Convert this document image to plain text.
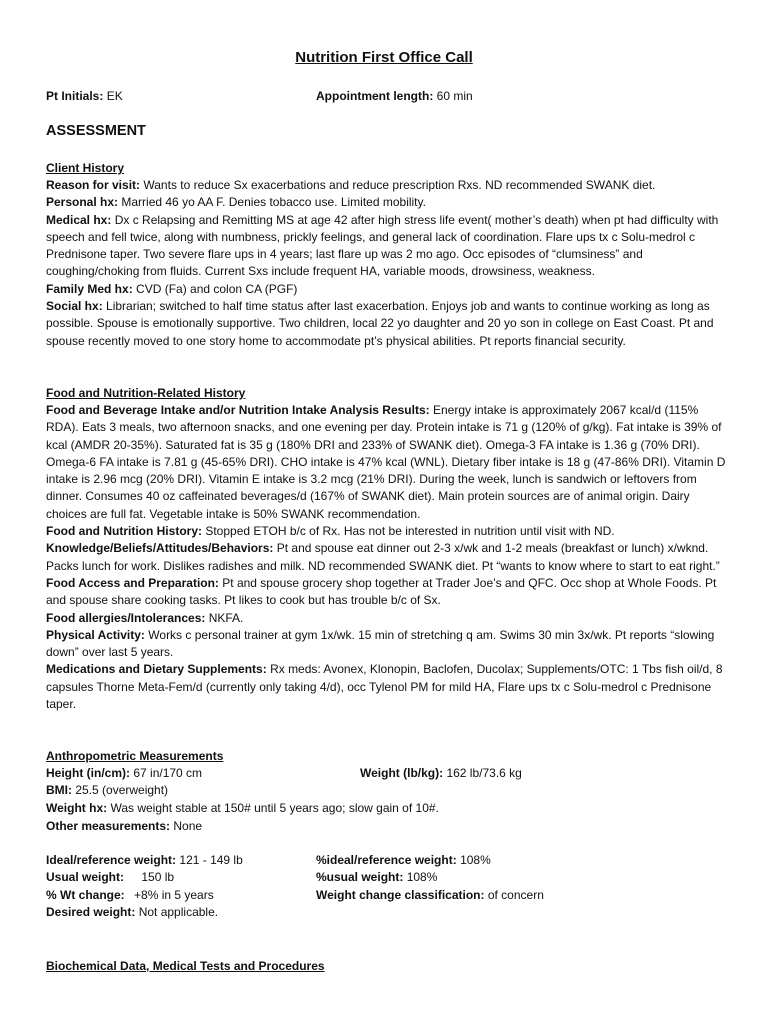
Nutrition First Office Call
Pt Initials: EK	Appointment length: 60 min
ASSESSMENT
Client History
Reason for visit: Wants to reduce Sx exacerbations and reduce prescription Rxs. ND recommended SWANK diet.
Personal hx: Married 46 yo AA F. Denies tobacco use. Limited mobility.
Medical hx: Dx c Relapsing and Remitting MS at age 42 after high stress life event( mother’s death) when pt had difficulty with speech and fell twice, along with numbness, prickly feelings, and general lack of coordination. Flare ups tx c Solu-medrol c Prednisone taper. Two severe flare ups in 4 years; last flare up was 2 mo ago. Occ episodes of “clumsiness” and coughing/choking from fluids. Current Sxs include frequent HA, variable moods, drowsiness, weakness.
Family Med hx: CVD (Fa) and colon CA (PGF)
Social hx: Librarian; switched to half time status after last exacerbation. Enjoys job and wants to continue working as long as possible. Spouse is emotionally supportive. Two children, local 22 yo daughter and 20 yo son in college on East Coast. Pt and spouse recently moved to one story home to accommodate pt’s physical abilities. Pt reports financial security.
Food and Nutrition-Related History
Food and Beverage Intake and/or Nutrition Intake Analysis Results: Energy intake is approximately 2067 kcal/d (115% RDA). Eats 3 meals, two afternoon snacks, and one evening per day. Protein intake is 71 g (120% of g/kg). Fat intake is 39% of kcal (AMDR 20-35%). Saturated fat is 35 g (180% DRI and 233% of SWANK diet). Omega-3 FA intake is 1.36 g (70% DRI). Omega-6 FA intake is 7.81 g (45-65% DRI). CHO intake is 47% kcal (WNL). Dietary fiber intake is 18 g (47-86% DRI). Vitamin D intake is 2.96 mcg (20% DRI). Vitamin E intake is 3.2 mcg (21% DRI). During the week, lunch is sandwich or leftovers from dinner. Consumes 40 oz caffeinated beverages/d (167% of SWANK diet). Main protein sources are of animal origin. Dairy choices are full fat. Vegetable intake is 50% SWANK recommendation.
Food and Nutrition History: Stopped ETOH b/c of Rx. Has not be interested in nutrition until visit with ND.
Knowledge/Beliefs/Attitudes/Behaviors: Pt and spouse eat dinner out 2-3 x/wk and 1-2 meals (breakfast or lunch) x/wknd. Packs lunch for work. Dislikes radishes and milk. ND recommended SWANK diet. Pt “wants to know where to start to eat right.”
Food Access and Preparation: Pt and spouse grocery shop together at Trader Joe’s and QFC. Occ shop at Whole Foods. Pt and spouse share cooking tasks. Pt likes to cook but has trouble b/c of Sx.
Food allergies/Intolerances: NKFA.
Physical Activity: Works c personal trainer at gym 1x/wk. 15 min of stretching q am. Swims 30 min 3x/wk. Pt reports “slowing down” over last 5 years.
Medications and Dietary Supplements: Rx meds: Avonex, Klonopin, Baclofen, Ducolax; Supplements/OTC: 1 Tbs fish oil/d, 8 capsules Thorne Meta-Fem/d (currently only taking 4/d), occ Tylenol PM for mild HA, Flare ups tx c Solu-medrol c Prednisone taper.
Anthropometric Measurements
Height (in/cm): 67 in/170 cm	Weight (lb/kg): 162 lb/73.6 kg
BMI: 25.5 (overweight)
Weight hx: Was weight stable at 150# until 5 years ago; slow gain of 10#.
Other measurements: None
Ideal/reference weight: 121 - 149 lb	%ideal/reference weight: 108%
Usual weight: 150 lb	%usual weight: 108%
% Wt change: +8% in 5 years	Weight change classification: of concern
Desired weight: Not applicable.
Biochemical Data, Medical Tests and Procedures
